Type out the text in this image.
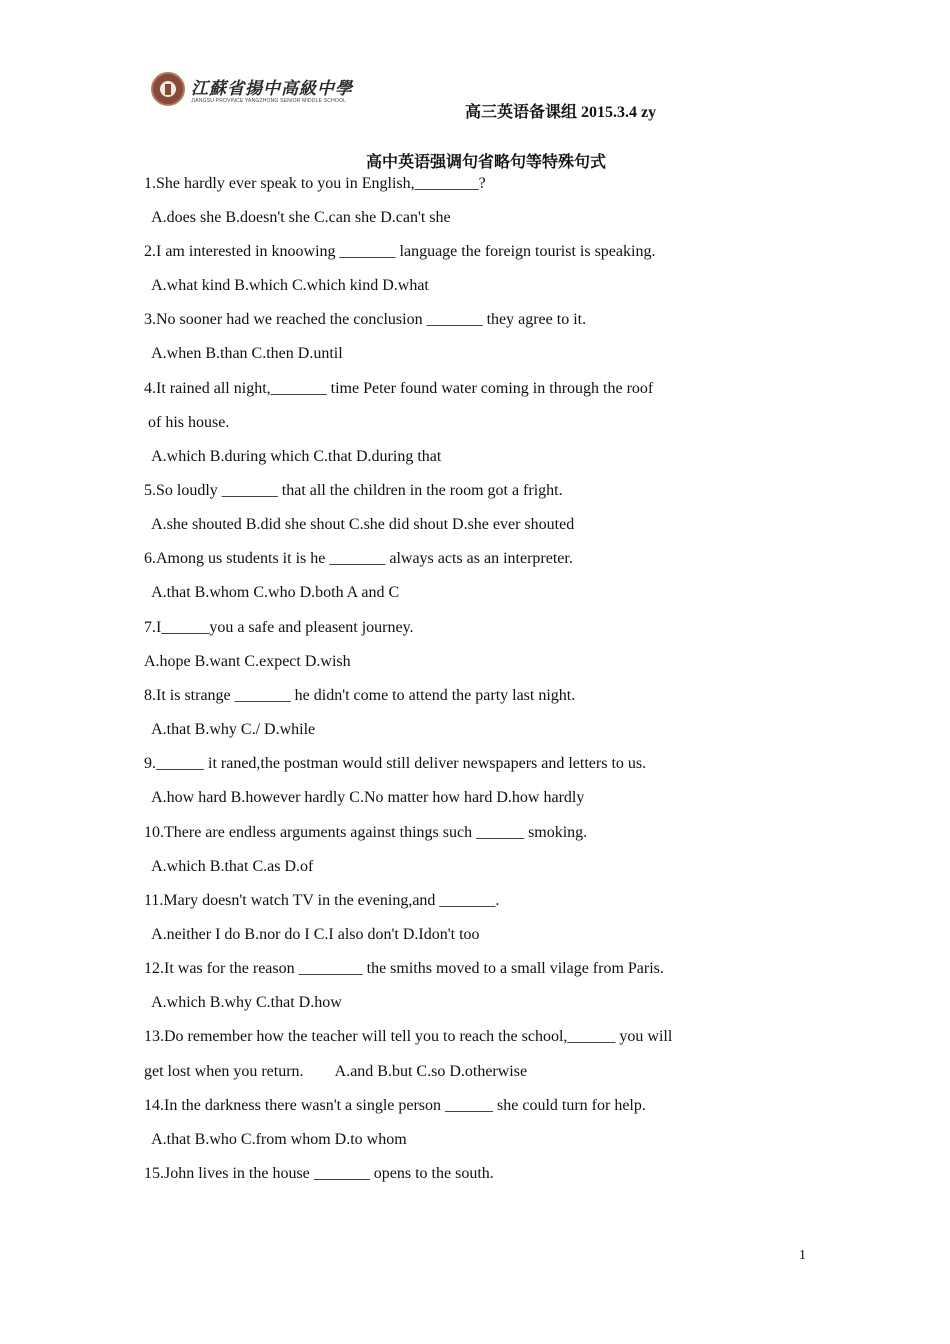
江蘇省揚中高級中學
JIANGSU PROVINCE YANGZHONG SENIOR MIDDLE SCHOOL
高三英语备课组 2015.3.4 zy
高中英语强调句省略句等特殊句式
1.She hardly ever speak to you in English,________?
A.does she B.doesn't she C.can she D.can't she
2.I am interested in knoowing _______ language the foreign tourist is speaking.
A.what kind B.which C.which kind D.what
3.No sooner had we reached the conclusion _______ they agree to it.
A.when B.than C.then D.until
4.It rained all night,_______ time Peter found water coming in through the roof
of his house.
A.which B.during which C.that D.during that
5.So loudly _______ that all the children in the room got a fright.
A.she shouted B.did she shout C.she did shout D.she ever shouted
6.Among us students it is he _______ always acts as an interpreter.
A.that B.whom C.who D.both A and C
7.I______you a safe and pleasent journey.
A.hope B.want C.expect D.wish
8.It is strange _______ he didn't come to attend the party last night.
A.that B.why C./ D.while
9.______ it raned,the postman would still deliver newspapers and letters to us.
A.how hard B.however hardly C.No matter how hard D.how hardly
10.There are endless arguments against things such ______ smoking.
A.which B.that C.as D.of
11.Mary doesn't watch TV in the evening,and _______.
A.neither I do B.nor do I C.I also don't D.Idon't too
12.It was for the reason ________ the smiths moved to a small vilage from Paris.
A.which B.why C.that D.how
13.Do remember how the teacher will tell you to reach the school,______ you will
get lost when you return.        A.and B.but C.so D.otherwise
14.In the darkness there wasn't a single person ______ she could turn for help.
A.that B.who C.from whom D.to whom
15.John lives in the house _______ opens to the south.
1
